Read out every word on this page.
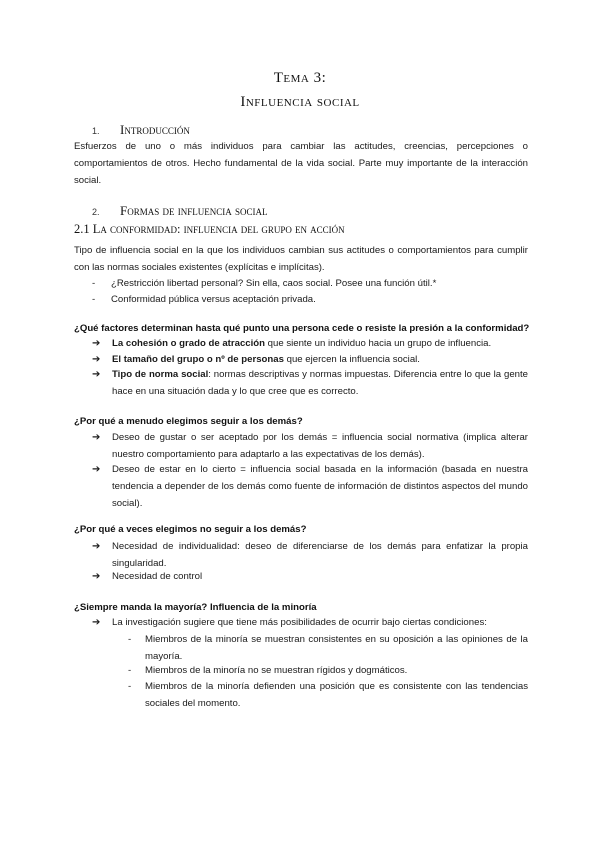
Tema 3:
Influencia social
1. Introducción
Esfuerzos de uno o más individuos para cambiar las actitudes, creencias, percepciones o comportamientos de otros. Hecho fundamental de la vida social. Parte muy importante de la interacción social.
2. Formas de influencia social
2.1 La conformidad: influencia del grupo en acción
Tipo de influencia social en la que los individuos cambian sus actitudes o comportamientos para cumplir con las normas sociales existentes (explícitas e implícitas).
-	¿Restricción libertad personal? Sin ella, caos social. Posee una función útil.*
-	Conformidad pública versus aceptación privada.
¿Qué factores determinan hasta qué punto una persona cede o resiste la presión a la conformidad?
➔ La cohesión o grado de atracción que siente un individuo hacia un grupo de influencia.
➔ El tamaño del grupo o nº de personas que ejercen la influencia social.
➔ Tipo de norma social: normas descriptivas y normas impuestas. Diferencia entre lo que la gente hace en una situación dada y lo que cree que es correcto.
¿Por qué a menudo elegimos seguir a los demás?
➔ Deseo de gustar o ser aceptado por los demás = influencia social normativa (implica alterar nuestro comportamiento para adaptarlo a las expectativas de los demás).
➔ Deseo de estar en lo cierto = influencia social basada en la información (basada en nuestra tendencia a depender de los demás como fuente de información de distintos aspectos del mundo social).
¿Por qué a veces elegimos no seguir a los demás?
➔ Necesidad de individualidad: deseo de diferenciarse de los demás para enfatizar la propia singularidad.
➔ Necesidad de control
¿Siempre manda la mayoría? Influencia de la minoría
➔ La investigación sugiere que tiene más posibilidades de ocurrir bajo ciertas condiciones:
- Miembros de la minoría se muestran consistentes en su oposición a las opiniones de la mayoría.
- Miembros de la minoría no se muestran rígidos y dogmáticos.
- Miembros de la minoría defienden una posición que es consistente con las tendencias sociales del momento.
